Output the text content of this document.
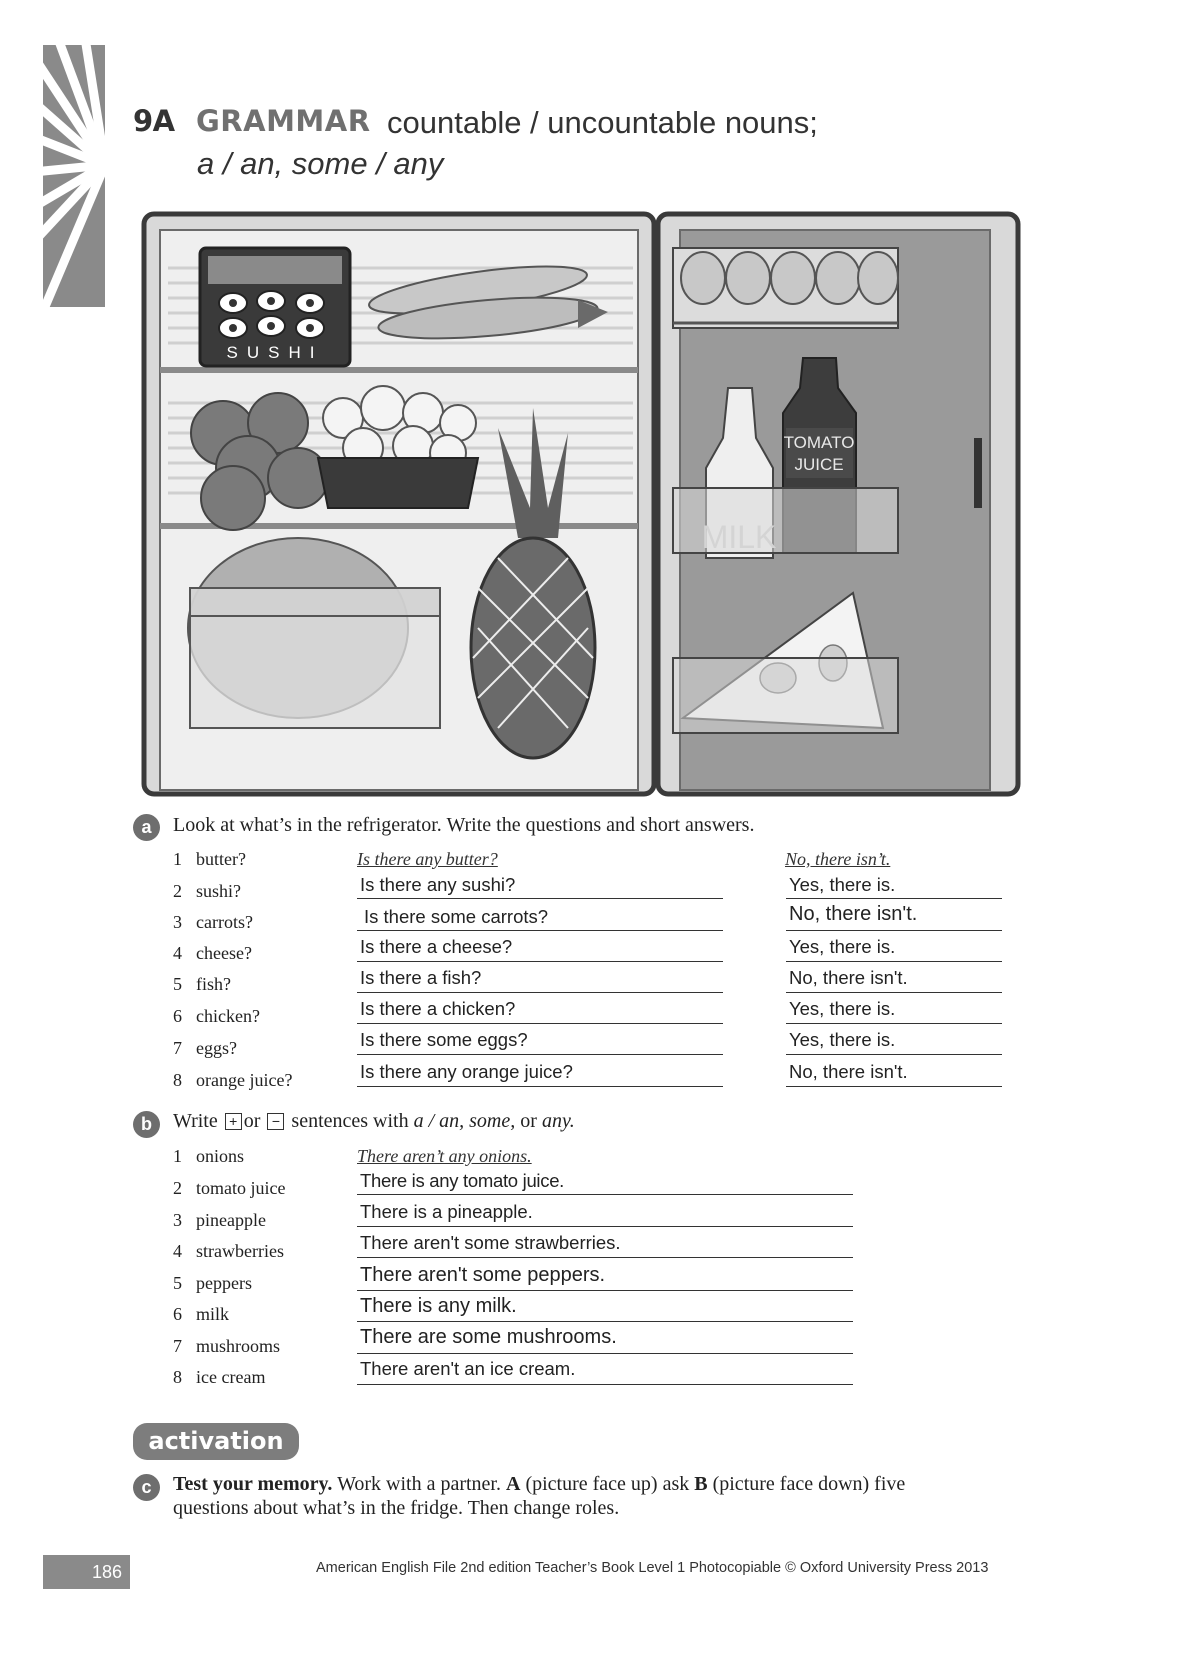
9A GRAMMAR countable / uncountable nouns;
a / an, some / any
SUSHI
TOMATO
JUICE
a	Look at what’s in the refrigerator. Write the questions and short answers.
1 butter?	Is there any butter?	No, there isn’t.
2 sushi?	Is there any sushi?	Yes, there is.
3 carrots?	Is there some carrots?	No, there isn't.
4 cheese?	Is there a cheese?	Yes, there is.
5 fish?	Is there a fish?	No, there isn't.
6 chicken?	Is there a chicken?	Yes, there is.
7 eggs?	Is there some eggs?	Yes, there is.
8 orange juice?	Is there any orange juice?	No, there isn't.
b	Write + or − sentences with a / an, some, or any.
1 onions	There aren’t any onions.
2 tomato juice	There is any tomato juice.
3 pineapple	There is a pineapple.
4 strawberries	There aren't some strawberries.
5 peppers	There aren't some peppers.
6 milk	There is any milk.
7 mushrooms	There are some mushrooms.
8 ice cream	There aren't an ice cream.
activation
c	Test your memory. Work with a partner. A (picture face up) ask B (picture face down) five
questions about what’s in the fridge. Then change roles.
186	American English File 2nd edition Teacher’s Book Level 1 Photocopiable © Oxford University Press 2013
